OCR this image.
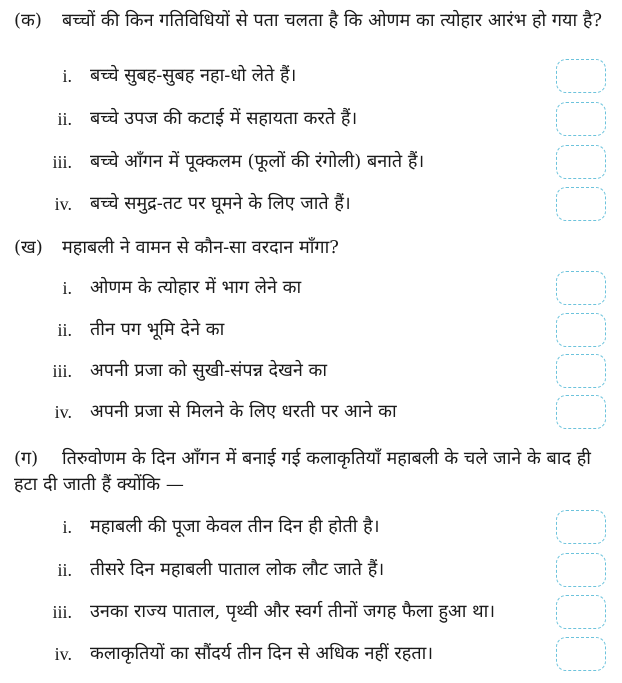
(क) बच्चों की किन गतिविधियों से पता चलता है कि ओणम का त्योहार आरंभ हो गया है?
i. बच्चे सुबह-सुबह नहा-धो लेते हैं।
ii. बच्चे उपज की कटाई में सहायता करते हैं।
iii. बच्चे आँगन में पूक्कलम (फूलों की रंगोली) बनाते हैं।
iv. बच्चे समुद्र-तट पर घूमने के लिए जाते हैं।
(ख) महाबली ने वामन से कौन-सा वरदान माँगा?
i. ओणम के त्योहार में भाग लेने का
ii. तीन पग भूमि देने का
iii. अपनी प्रजा को सुखी-संपन्न देखने का
iv. अपनी प्रजा से मिलने के लिए धरती पर आने का
(ग) तिरुवोणम के दिन आँगन में बनाई गई कलाकृतियाँ महाबली के चले जाने के बाद ही हटा दी जाती हैं क्योंकि —
i. महाबली की पूजा केवल तीन दिन ही होती है।
ii. तीसरे दिन महाबली पाताल लोक लौट जाते हैं।
iii. उनका राज्य पाताल, पृथ्वी और स्वर्ग तीनों जगह फैला हुआ था।
iv. कलाकृतियों का सौंदर्य तीन दिन से अधिक नहीं रहता।
